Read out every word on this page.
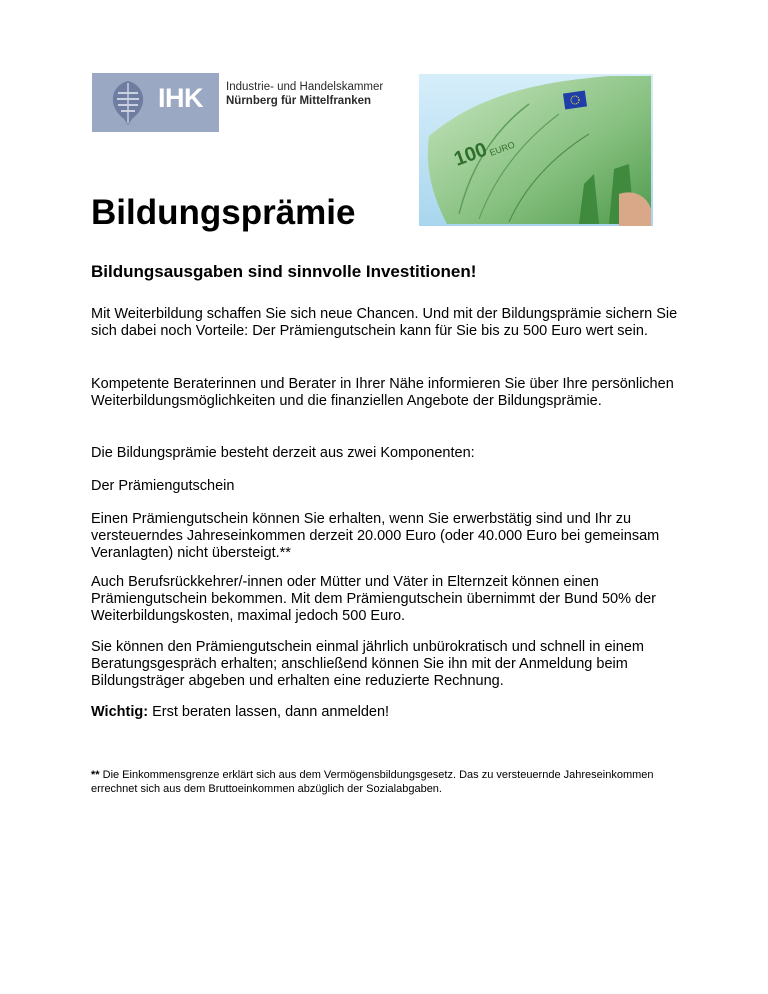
IHK Industrie- und Handelskammer
Nürnberg für Mittelfranken
100
EURO
Bildungsprämie
Bildungsausgaben sind sinnvolle Investitionen!

Mit Weiterbildung schaffen Sie sich neue Chancen. Und mit der Bildungsprämie sichern Sie sich dabei noch Vorteile: Der Prämiengutschein kann für Sie bis zu 500 Euro wert sein.

Kompetente Beraterinnen und Berater in Ihrer Nähe informieren Sie über Ihre persönlichen Weiterbildungsmöglichkeiten und die finanziellen Angebote der Bildungsprämie.

Die Bildungsprämie besteht derzeit aus zwei Komponenten:

Der Prämiengutschein

Einen Prämiengutschein können Sie erhalten, wenn Sie erwerbstätig sind und Ihr zu versteuerndes Jahreseinkommen derzeit 20.000 Euro (oder 40.000 Euro bei gemeinsam Veranlagten) nicht übersteigt.**

Auch Berufsrückkehrer/-innen oder Mütter und Väter in Elternzeit können einen Prämiengutschein bekommen. Mit dem Prämiengutschein übernimmt der Bund 50% der Weiterbildungskosten, maximal jedoch 500 Euro.

Sie können den Prämiengutschein einmal jährlich unbürokratisch und schnell in einem Beratungsgespräch erhalten; anschließend können Sie ihn mit der Anmeldung beim Bildungsträger abgeben und erhalten eine reduzierte Rechnung.

Wichtig: Erst beraten lassen, dann anmelden!

** Die Einkommensgrenze erklärt sich aus dem Vermögensbildungsgesetz. Das zu versteuernde Jahreseinkommen errechnet sich aus dem Bruttoeinkommen abzüglich der Sozialabgaben.
